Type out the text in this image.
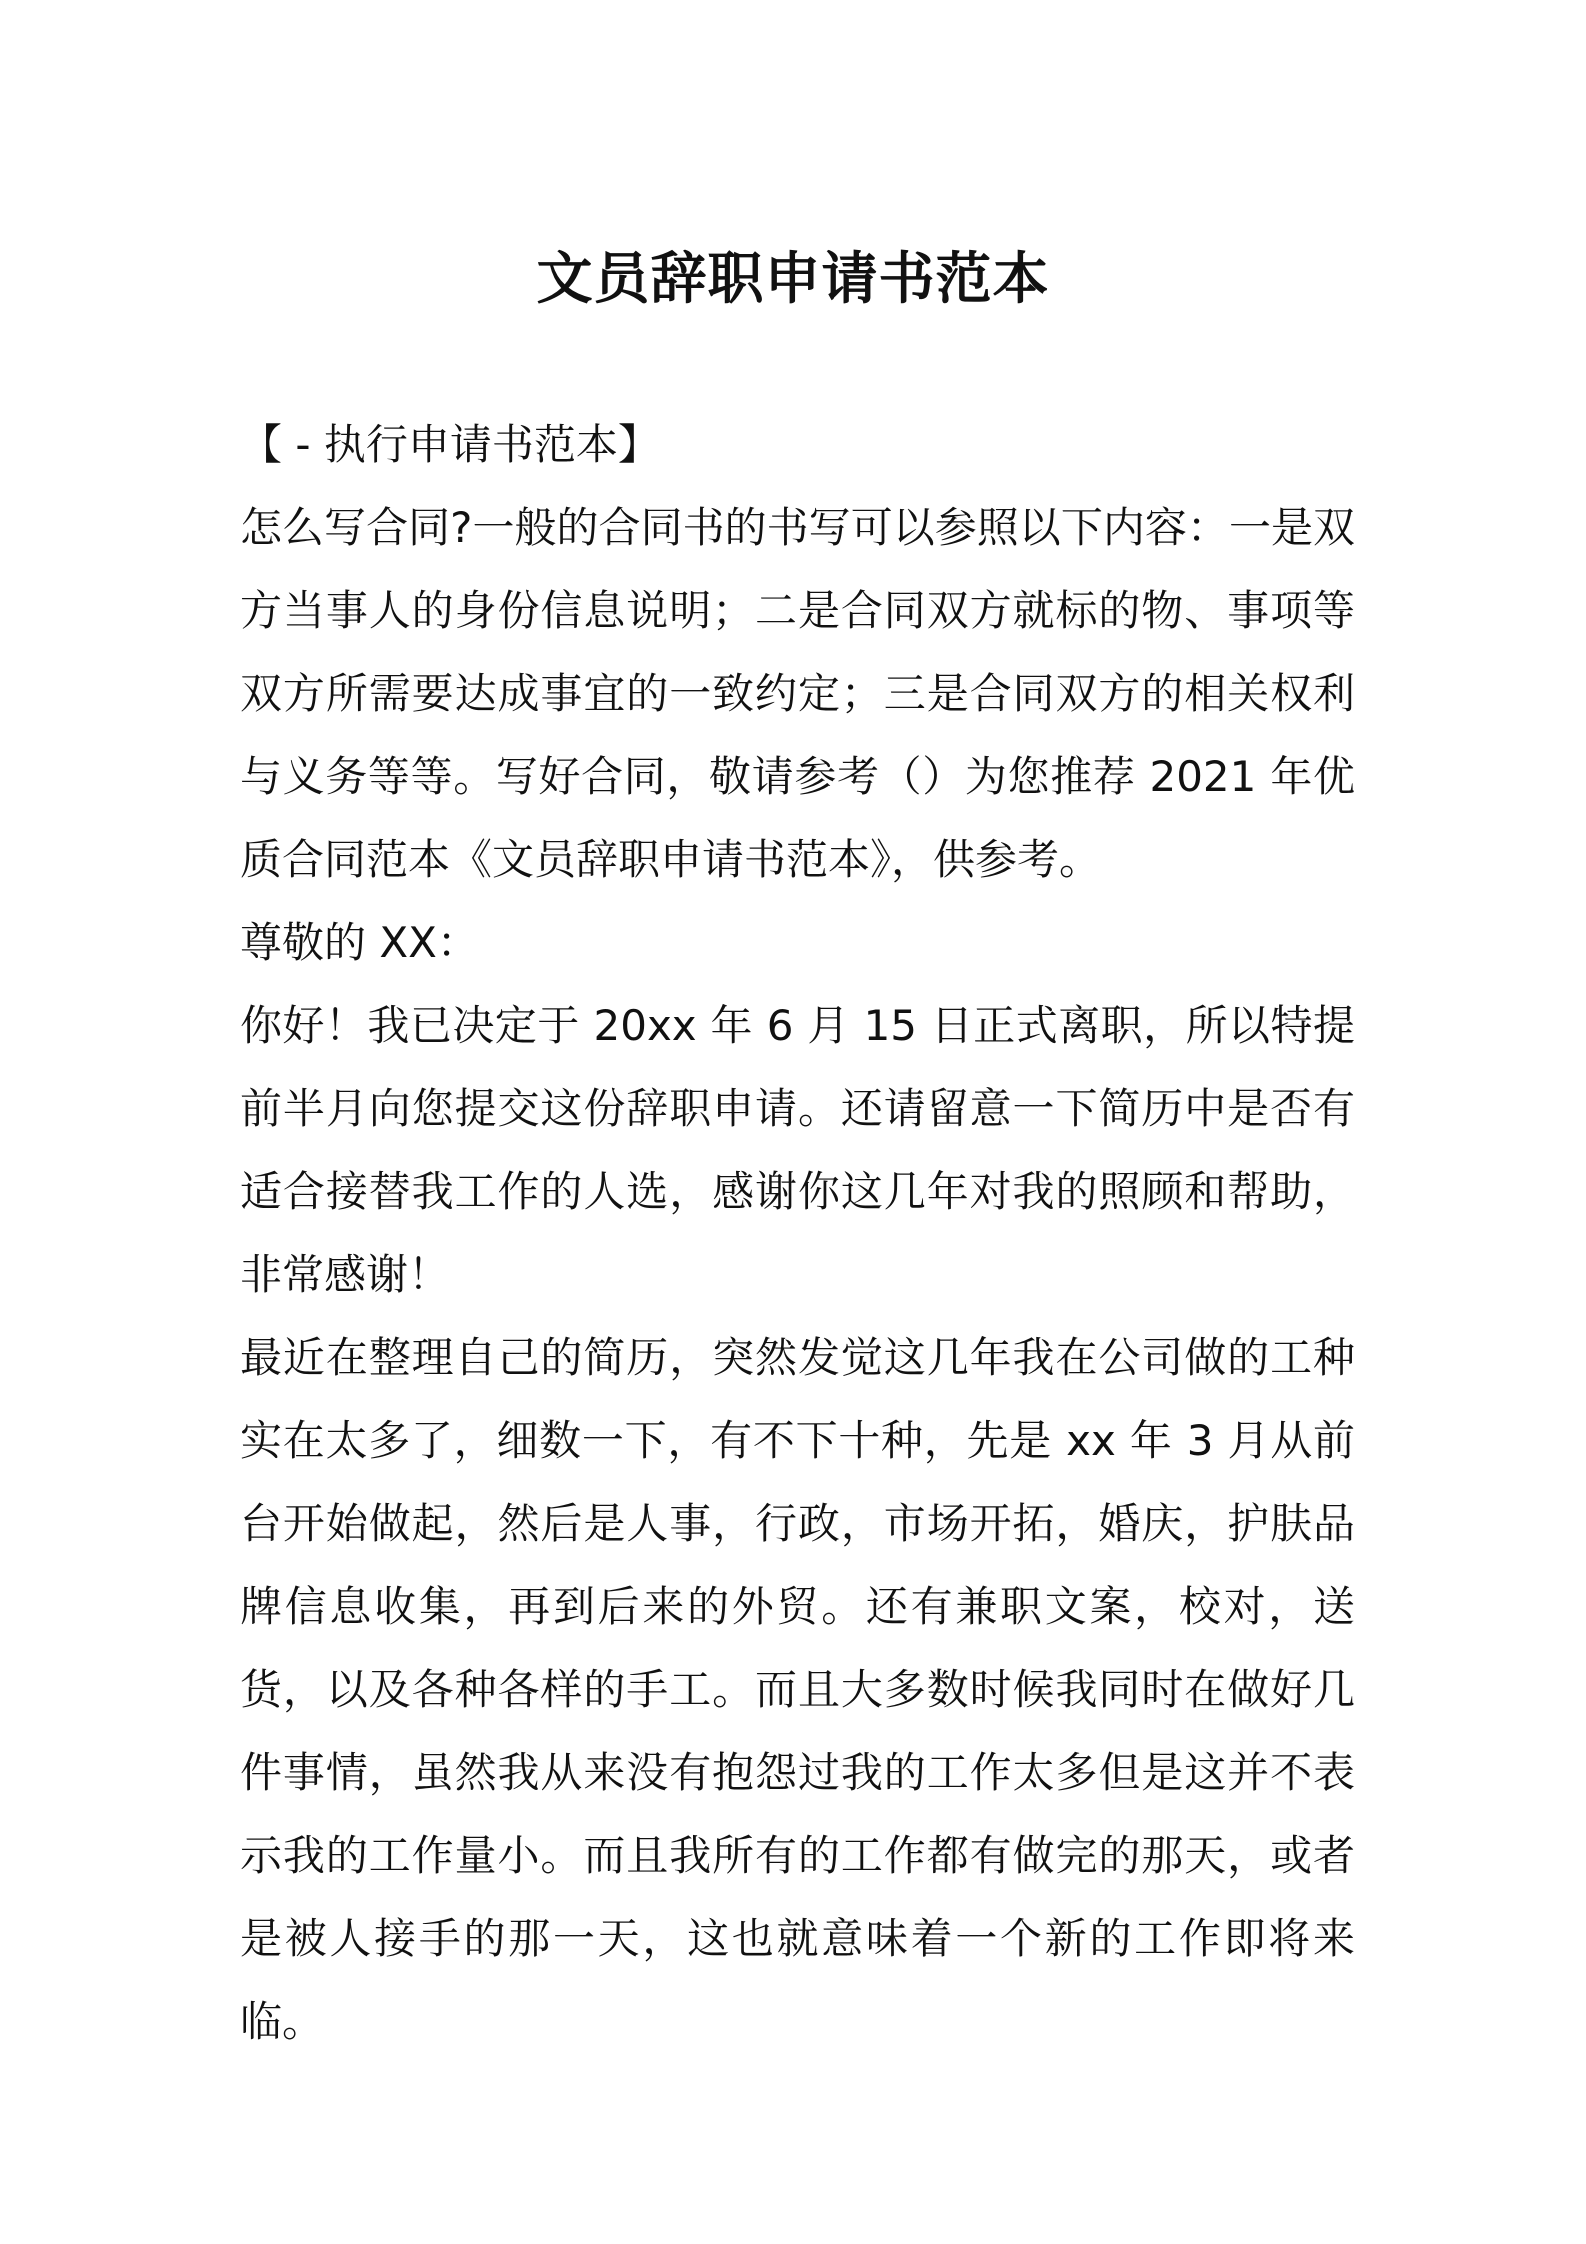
文员辞职申请书范本

【 - 执行申请书范本】

怎么写合同?一般的合同书的书写可以参照以下内容：一是双方当事人的身份信息说明；二是合同双方就标的物、事项等双方所需要达成事宜的一致约定；三是合同双方的相关权利与义务等等。写好合同，敬请参考（）为您推荐 2021 年优质合同范本《文员辞职申请书范本》，供参考。

尊敬的 XX：

你好！我已决定于 20xx 年 6 月 15 日正式离职，所以特提前半月向您提交这份辞职申请。还请留意一下简历中是否有适合接替我工作的人选，感谢你这几年对我的照顾和帮助，非常感谢！

最近在整理自己的简历，突然发觉这几年我在公司做的工种实在太多了，细数一下，有不下十种，先是 xx 年 3 月从前台开始做起，然后是人事，行政，市场开拓，婚庆，护肤品牌信息收集，再到后来的外贸。还有兼职文案，校对，送货，以及各种各样的手工。而且大多数时候我同时在做好几件事情，虽然我从来没有抱怨过我的工作太多但是这并不表示我的工作量小。而且我所有的工作都有做完的那天，或者是被人接手的那一天，这也就意味着一个新的工作即将来临。
